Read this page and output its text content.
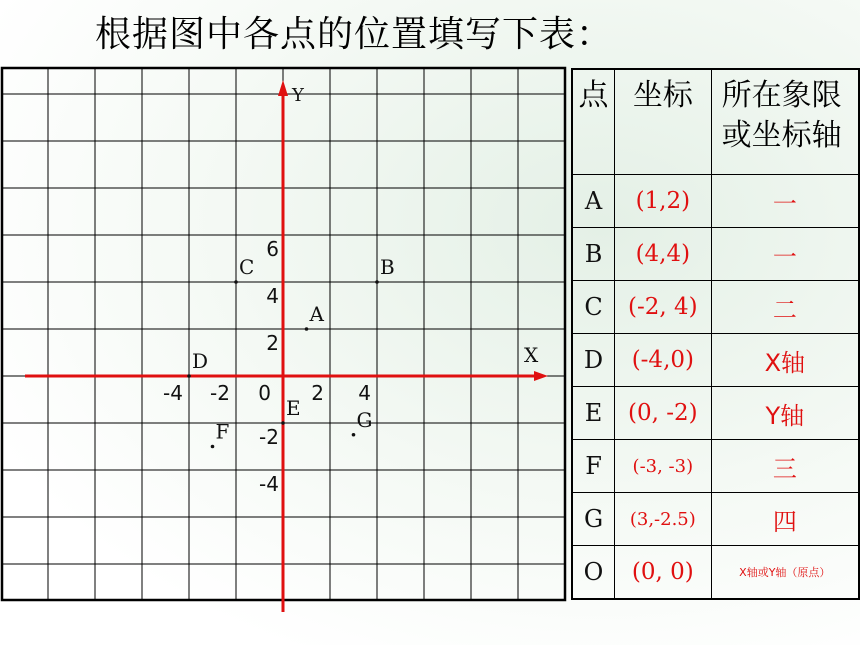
根据图中各点的位置填写下表：
X
Y
0
-4 -2	2 4
6
4
2
-2
-4
A
B
C
D
E
F	G
点	坐标	所在象限
或坐标轴

A	(1,2)	一
B	(4,4)	一
C	(-2, 4)	二
D	(-4,0)	X轴
E	(0, -2)	Y轴
F	(-3, -3)	三
G	(3,-2.5)	四
O	(0, 0)	X轴或Y轴（原点）
